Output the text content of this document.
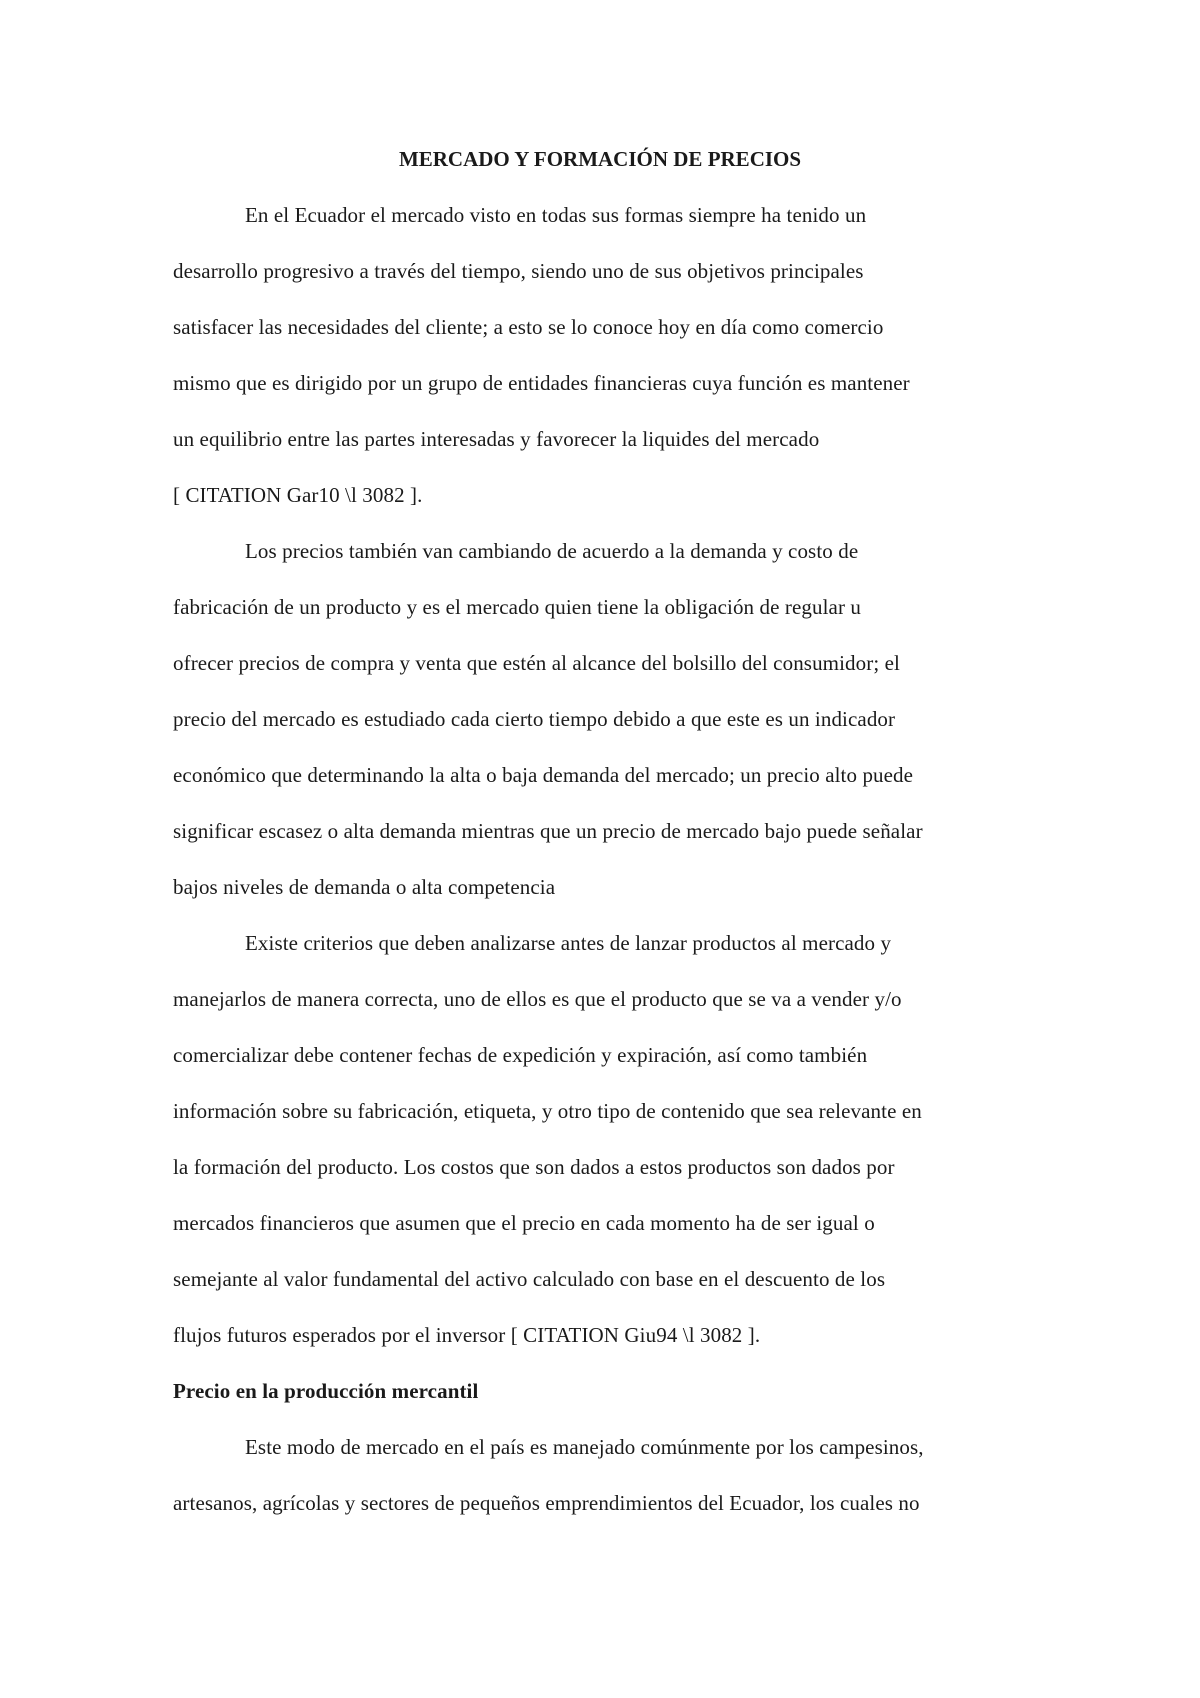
MERCADO Y FORMACIÓN DE PRECIOS
En el Ecuador el mercado visto en todas sus formas siempre ha tenido un
desarrollo progresivo a través del tiempo, siendo uno de sus objetivos principales
satisfacer las necesidades del cliente; a esto se lo conoce hoy en día como comercio
mismo que es dirigido por un grupo de entidades financieras cuya función es mantener
un equilibrio entre las partes interesadas y favorecer la liquides del mercado
[ CITATION Gar10 \l 3082 ].
Los precios también van cambiando de acuerdo a la demanda y costo de
fabricación de un producto y es el mercado quien tiene la obligación de regular u
ofrecer precios de compra y venta que estén al alcance del bolsillo del consumidor; el
precio del mercado es estudiado cada cierto tiempo debido a que este es un indicador
económico que determinando la alta o baja demanda del mercado; un precio alto puede
significar escasez o alta demanda mientras que un precio de mercado bajo puede señalar
bajos niveles de demanda o alta competencia
Existe criterios que deben analizarse antes de lanzar productos al mercado y
manejarlos de manera correcta, uno de ellos es que el producto que se va a vender y/o
comercializar debe contener fechas de expedición y expiración, así como también
información sobre su fabricación, etiqueta, y otro tipo de contenido que sea relevante en
la formación del producto. Los costos que son dados a estos productos son dados por
mercados financieros que asumen que el precio en cada momento ha de ser igual o
semejante al valor fundamental del activo calculado con base en el descuento de los
flujos futuros esperados por el inversor [ CITATION Giu94 \l 3082 ].
Precio en la producción mercantil
Este modo de mercado en el país es manejado comúnmente por los campesinos,
artesanos, agrícolas y sectores de pequeños emprendimientos del Ecuador, los cuales no
